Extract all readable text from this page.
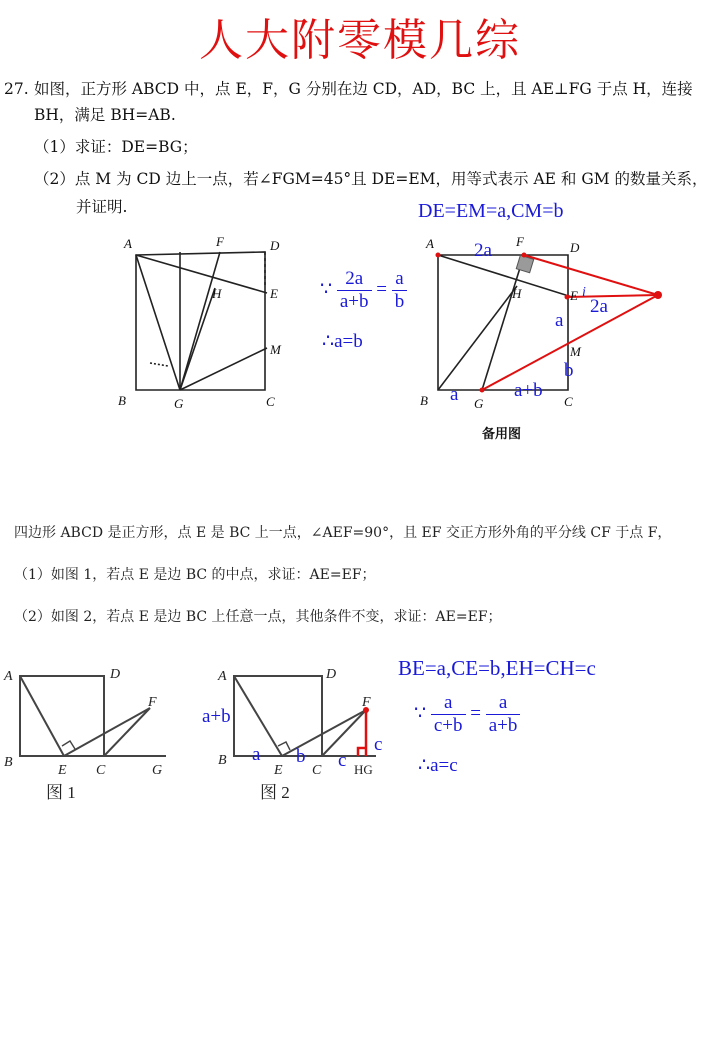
人大附零模几综
27. 如图，正方形 ABCD 中，点 E，F，G 分别在边 CD，AD，BC 上，且 AE⊥FG 于点 H，连接
BH，满足 BH=AB.
（1）求证：DE=BG；
（2）点 M 为 CD 边上一点，若∠FGM=45°且 DE=EM，用等式表示 AE 和 GM 的数量关系，
并证明.	DE=EM=a,CM=b
∵ $\frac{2a}{a+b} = \frac{a}{b}$
∴a=b
A	F	D
H	E
M
B	G	C
A	F	D
H	E
M
B	G	C
2a
2a
i
a
b
a	a+b
备用图
四边形 ABCD 是正方形，点 E 是 BC 上一点，∠AEF=90°，且 EF 交正方形外角的平分线 CF 于点 F，
（1）如图 1，若点 E 是边 BC 的中点，求证：AE=EF；
（2）如图 2，若点 E 是边 BC 上任意一点，其他条件不变，求证：AE=EF；
A	D
F
B
E C	G
图 1
A	D
F
B
E C	HG
a+b
a b c
c
图 2
BE=a,CE=b,EH=CH=c
∵ $\frac{a}{c+b} = \frac{a}{a+b}$
∴a=c
